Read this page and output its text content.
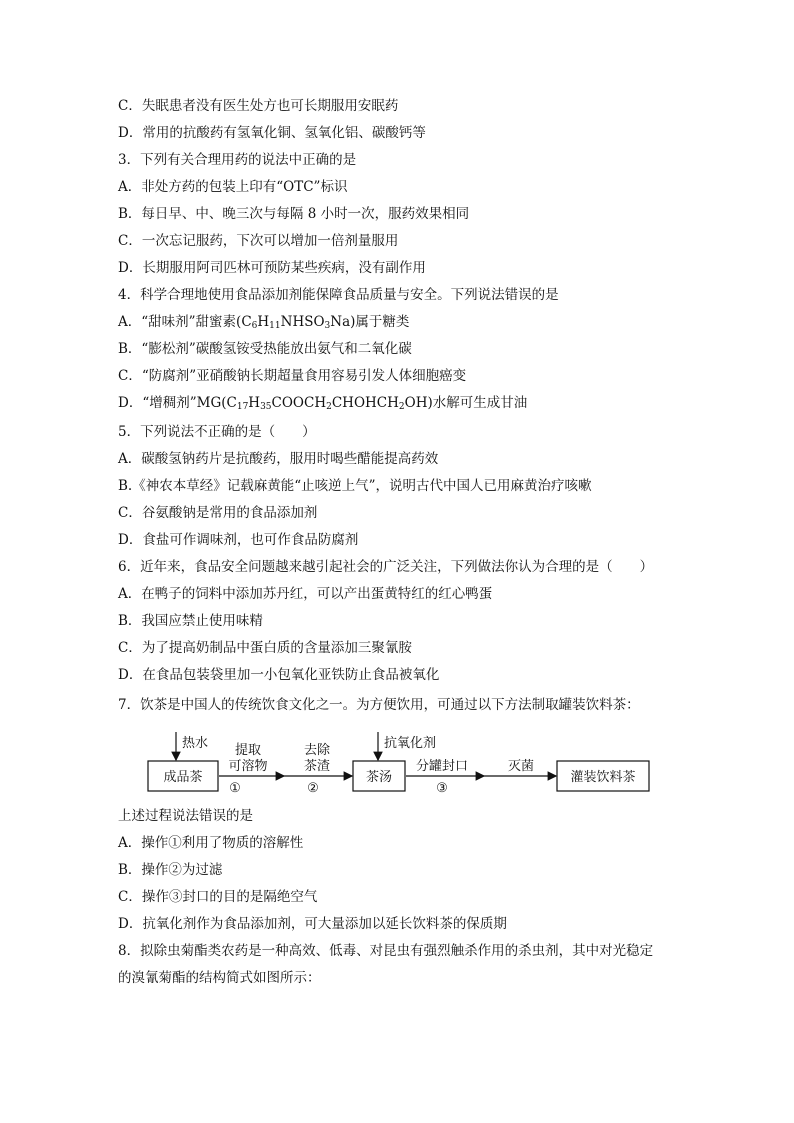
C．失眠患者没有医生处方也可长期服用安眠药
D．常用的抗酸药有氢氧化铜、氢氧化铝、碳酸钙等
3．下列有关合理用药的说法中正确的是
A．非处方药的包装上印有“OTC”标识
B．每日早、中、晚三次与每隔 8 小时一次，服药效果相同
C．一次忘记服药，下次可以增加一倍剂量服用
D．长期服用阿司匹林可预防某些疾病，没有副作用
4．科学合理地使用食品添加剂能保障食品质量与安全。下列说法错误的是
A．“甜味剂”甜蜜素$(C_6H_{11}NHSO_3Na)$属于糖类
B．“膨松剂”碳酸氢铵受热能放出氨气和二氧化碳
C．“防腐剂”亚硝酸钠长期超量食用容易引发人体细胞癌变
D．“增稠剂$”MG(C_{17}H_{35}COOCH_2CHOHCH_2OH)$水解可生成甘油
5．下列说法不正确的是（　　）
A．碳酸氢钠药片是抗酸药，服用时喝些醋能提高药效
B.《神农本草经》记载麻黄能“止咳逆上气”，说明古代中国人已用麻黄治疗咳嗽
C．谷氨酸钠是常用的食品添加剂
D．食盐可作调味剂，也可作食品防腐剂
6．近年来，食品安全问题越来越引起社会的广泛关注，下列做法你认为合理的是（　　）
A．在鸭子的饲料中添加苏丹红，可以产出蛋黄特红的红心鸭蛋
B．我国应禁止使用味精
C．为了提高奶制品中蛋白质的含量添加三聚氰胺
D．在食品包装袋里加一小包氧化亚铁防止食品被氧化
7．饮茶是中国人的传统饮食文化之一。为方便饮用，可通过以下方法制取罐装饮料茶：
成品茶	茶汤	灌装饮料茶
热水	抗氧化剂
提取
可溶物
①
去除
茶渣
②
分罐封口
③
灭菌
上述过程说法错误的是
A．操作①利用了物质的溶解性
B．操作②为过滤
C．操作③封口的目的是隔绝空气
D．抗氧化剂作为食品添加剂，可大量添加以延长饮料茶的保质期
8．拟除虫菊酯类农药是一种高效、低毒、对昆虫有强烈触杀作用的杀虫剂，其中对光稳定
的溴氰菊酯的结构简式如图所示：
